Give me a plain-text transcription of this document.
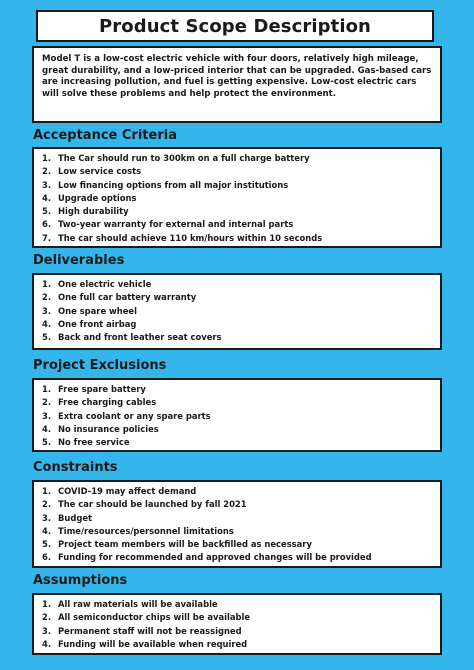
Product Scope Description
Model T is a low-cost electric vehicle with four doors, relatively high mileage, great durability, and a low-priced interior that can be upgraded. Gas-based cars are increasing pollution, and fuel is getting expensive. Low-cost electric cars will solve these problems and help protect the environment.
Acceptance Criteria
1. The Car should run to 300km on a full charge battery
2. Low service costs
3. Low financing options from all major institutions
4. Upgrade options
5. High durability
6. Two-year warranty for external and internal parts
7. The car should achieve 110 km/hours within 10 seconds
Deliverables
1. One electric vehicle
2. One full car battery warranty
3. One spare wheel
4. One front airbag
5. Back and front leather seat covers
Project Exclusions
1. Free spare battery
2. Free charging cables
3. Extra coolant or any spare parts
4. No insurance policies
5. No free service
Constraints
1. COVID-19 may affect demand
2. The car should be launched by fall 2021
3. Budget
4. Time/resources/personnel limitations
5. Project team members will be backfilled as necessary
6. Funding for recommended and approved changes will be provided
Assumptions
1. All raw materials will be available
2. All semiconductor chips will be available
3. Permanent staff will not be reassigned
4. Funding will be available when required
